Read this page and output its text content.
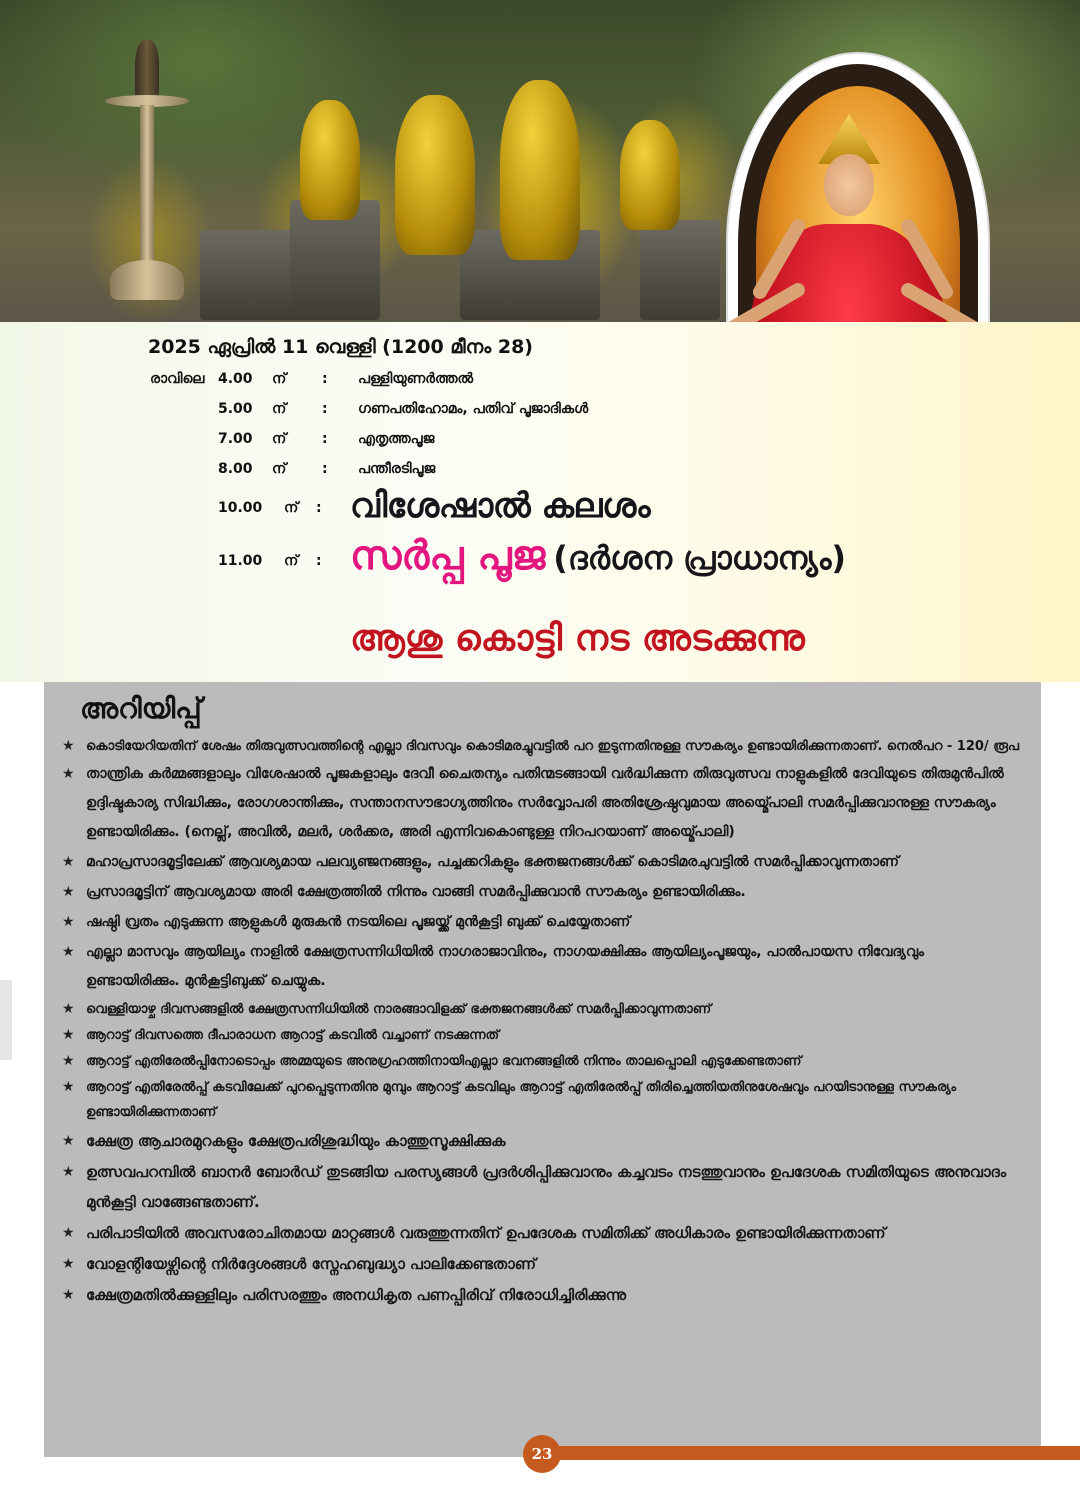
2025 ഏപ്രിൽ 11 വെള്ളി (1200 മീനം 28)
രാവിലെ 4.00 ന്	: പള്ളിയുണർത്തൽ
5.00 ന്	: ഗണപതിഹോമം, പതിവ് പൂജാദികൾ
7.00 ന്	: എതൃത്തപൂജ
8.00 ന്	: പന്തീരടിപൂജ
10.00 ന് : വിശേഷാൽ കലശം
11.00 ന് : സർപ്പ പൂജ (ദർശന പ്രാധാന്യം)
ആശു കൊട്ടി നട അടക്കുന്നു
അറിയിപ്പ്
★ കൊടിയേറിയതിന് ശേഷം തിരുവുത്സവത്തിന്റെ എല്ലാ ദിവസവും കൊടിമരച്ചുവട്ടിൽ പറ ഇടുന്നതിനുള്ള സൗകര്യം ഉണ്ടായിരിക്കുന്നതാണ്. നെൽപറ - 120/ രൂപ
★ താന്ത്രിക കർമ്മങ്ങളാലും വിശേഷാൽ പൂജകളാലും ദേവീ ചൈതന്യം പതിന്മടങ്ങായി വർദ്ധിക്കുന്ന തിരുവുത്സവ നാളുകളിൽ ദേവിയുടെ തിരുമുൻപിൽ ഉദ്ദിഷ്ടകാര്യ സിദ്ധിക്കും, രോഗശാന്തിക്കും, സന്താനസൗഭാഗ്യത്തിനും സർവ്വോപരി അതിശ്രേഷ്ഠവുമായ അയ്മ്പൊലി സമർപ്പിക്കുവാനുള്ള സൗകര്യം ഉണ്ടായിരിക്കും. (നെല്ല്, അവിൽ, മലർ, ശർക്കര, അരി എന്നിവകൊണ്ടുള്ള നിറപറയാണ് അയ്മ്പൊലി)
★ മഹാപ്രസാദമൂട്ടിലേക്ക് ആവശ്യമായ പലവ്യഞ്ജനങ്ങളും, പച്ചക്കറികളും ഭക്തജനങ്ങൾക്ക് കൊടിമരചുവട്ടിൽ സമർപ്പിക്കാവുന്നതാണ്
★ പ്രസാദമൂട്ടിന് ആവശ്യമായ അരി ക്ഷേത്രത്തിൽ നിന്നും വാങ്ങി സമർപ്പിക്കുവാൻ സൗകര്യം ഉണ്ടായിരിക്കും.
★ ഷഷ്ഠി വ്രതം എടുക്കുന്ന ആളുകൾ മുരുകൻ നടയിലെ പൂജയ്ക്ക് മുൻകൂട്ടി ബുക്ക് ചെയ്യേതാണ്
★ എല്ലാ മാസവും ആയില്യം നാളിൽ ക്ഷേത്രസന്നിധിയിൽ നാഗരാജാവിനും, നാഗയക്ഷിക്കും ആയില്യംപൂജയും, പാൽപായസ നിവേദ്യവും ഉണ്ടായിരിക്കും. മുൻകൂട്ടിബുക്ക് ചെയ്യുക.
★ വെള്ളിയാഴ്ച ദിവസങ്ങളിൽ ക്ഷേത്രസന്നിധിയിൽ നാരങ്ങാവിളക്ക് ഭക്തജനങ്ങൾക്ക് സമർപ്പിക്കാവുന്നതാണ്
★ ആറാട്ട് ദിവസത്തെ ദീപാരാധന ആറാട്ട് കടവിൽ വച്ചാണ് നടക്കുന്നത്
★ ആറാട്ട് എതിരേൽപ്പിനോടൊപ്പം അമ്മയുടെ അനുഗ്രഹത്തിനായിഎല്ലാ ഭവനങ്ങളിൽ നിന്നും താലപ്പൊലി എടുക്കേണ്ടതാണ്
★ ആറാട്ട് എതിരേൽപ്പ് കടവിലേക്ക് പുറപ്പെടുന്നതിനു മുമ്പും ആറാട്ട് കടവിലും ആറാട്ട് എതിരേൽപ്പ് തിരിച്ചെത്തിയതിനുശേഷവും പറയിടാനുള്ള സൗകര്യം ഉണ്ടായിരിക്കുന്നതാണ്
★ ക്ഷേത്ര ആചാരമുറകളും ക്ഷേത്രപരിശുദ്ധിയും കാത്തുസൂക്ഷിക്കുക
★ ഉത്സവപറമ്പിൽ ബാനർ ബോർഡ് തുടങ്ങിയ പരസ്യങ്ങൾ പ്രദർശിപ്പിക്കുവാനും കച്ചവടം നടത്തുവാനും ഉപദേശക സമിതിയുടെ അനുവാദം മുൻകൂട്ടി വാങ്ങേണ്ടതാണ്.
★ പരിപാടിയിൽ അവസരോചിതമായ മാറ്റങ്ങൾ വരുത്തുന്നതിന് ഉപദേശക സമിതിക്ക് അധികാരം ഉണ്ടായിരിക്കുന്നതാണ്
★ വോളന്റിയേഴ്സിന്റെ നിർദ്ദേശങ്ങൾ സ്നേഹബുദ്ധ്യാ പാലിക്കേണ്ടതാണ്
★ ക്ഷേത്രമതിൽക്കുള്ളിലും പരിസരത്തും അനധികൃത പണപ്പിരിവ് നിരോധിച്ചിരിക്കുന്നു
23
